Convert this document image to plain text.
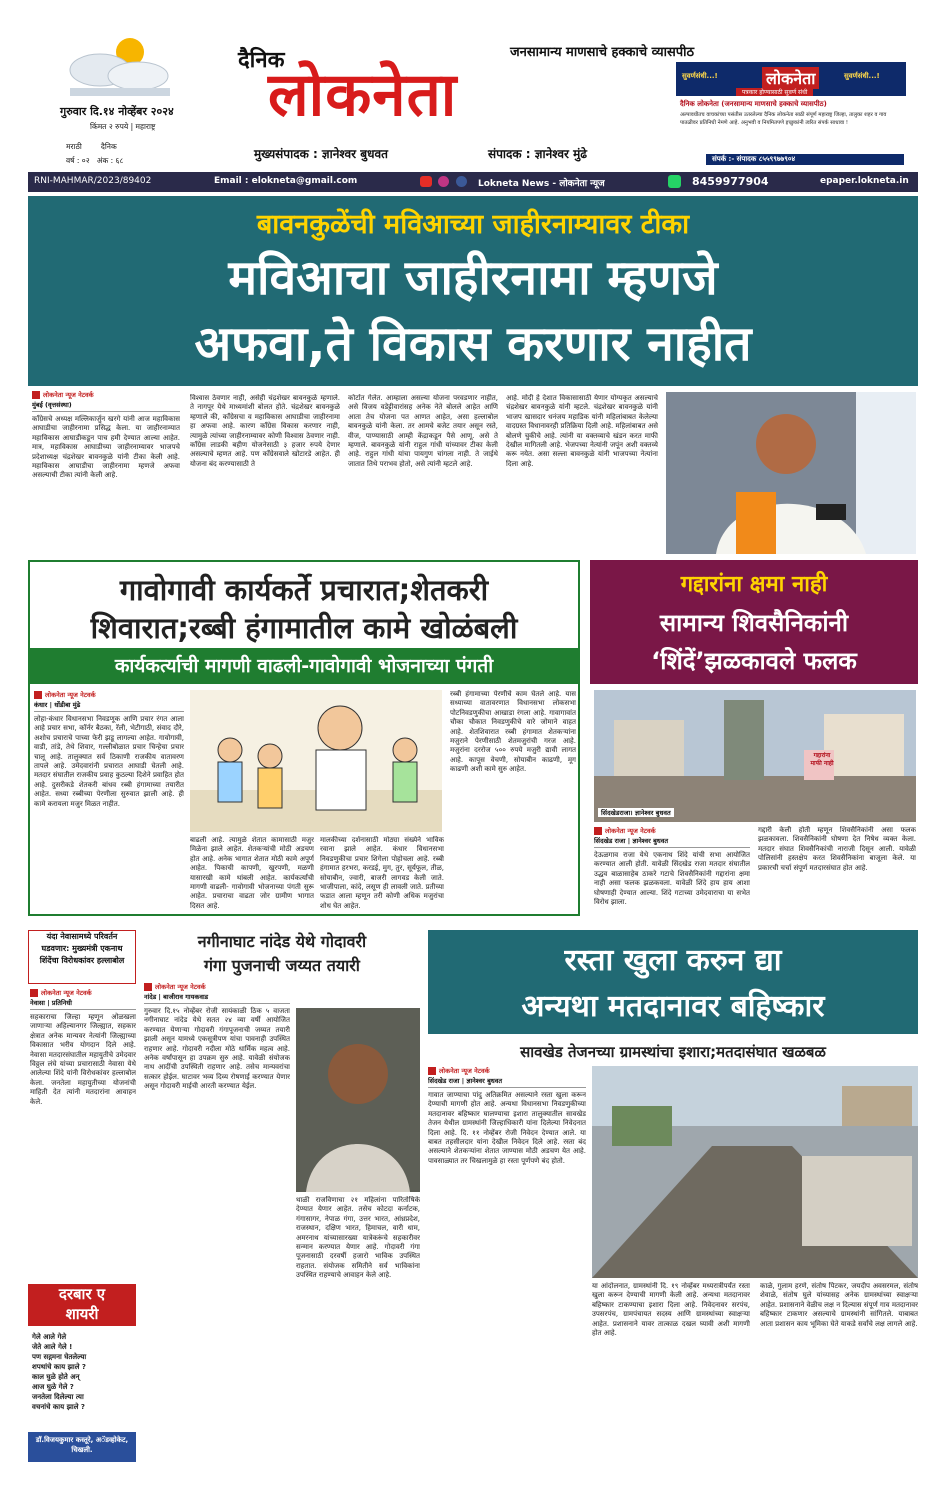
गुरुवार दि.१४ नोव्हेंबर २०२४
किंमत २ रुपये | महाराष्ट्र
मराठी	दैनिक
वर्ष : ०२ अंक : ६८
दैनिक
लोकनेता
जनसामान्य माणसाचे हक्काचे व्यासपीठ
मुख्यसंपादक : ज्ञानेश्वर बुधवत	संपादक : ज्ञानेश्वर मुंढे
सुवर्णसंधी...!	लोकनेता	सुवर्णसंधी...!
पत्रकार होण्यासाठी सुवर्ण संधी
दैनिक लोकनेता (जनसामान्य माणसाचे हक्काचे व्यासपीठ)
अल्पावधीतच वाचकांच्या पसंतीस उतरलेल्या दैनिक लोकनेता साठी संपूर्ण महाराष्ट्र जिल्हा, तालुका शहर व गाव पातळीवर प्रतिनिधी नेमणे आहे. अनुभवी व नियमितपणे इच्छुकांनी त्वरित संपर्क साधावा !
संपर्क :- संपादक ८५५९९७७९०४
RNI-MAHMAR/2023/89402	Email : elokneta@gmail.com	Lokneta News - लोकनेता न्यूज	8459977904	epaper.lokneta.in
बावनकुळेंची मविआच्या जाहीरनाम्यावर टीका
मविआचा जाहीरनामा म्हणजे
अफवा,ते विकास करणार नाहीत
लोकनेता न्यूज नेटवर्क
मुंबई (वृत्तसंस्था)
काँग्रेसचे अध्यक्ष मल्लिकार्जुन खरगे यांनी आज महाविकास आघाडीचा जाहीरनामा प्रसिद्ध केला. या जाहीरनाम्यात महाविकास आघाडीकडून पाच हमी देण्यात आल्या आहेत. मात्र, महाविकास आघाडीच्या जाहीरनाम्यावर भाजपचे प्रदेशाध्यक्ष चंद्रशेखर बावनकुळे यांनी टीका केली आहे. महाविकास आघाडीचा जाहीरनामा म्हणजे अफवा असल्याची टीका त्यांनी केली आहे.
विश्वास ठेवणार नाही, असेही चंद्रशेखर बावनकुळे म्हणाले. ते नागपूर येथे माध्यमांशी बोलत होते. चंद्रशेखर बावनकुळे म्हणाले की, काँग्रेसचा व महाविकास आघाडीचा जाहीरनामा हा अफवा आहे. कारण काँग्रेस विकास करणार नाही, त्यामुळे त्यांच्या जाहीरनाम्यावर कोणी विश्वास ठेवणार नाही. कॉंग्रेस लाडकी बहीण योजनेसाठी ३ हजार रुपये देणार असल्याचे म्हणत आहे. पण काँग्रेसवाले खोटारडे आहेत. ही योजना बंद करण्यासाठी ते
कोर्टात गेलेत. आम्हाला असल्या योजना परवडणार नाहीत, असे विजय वडेट्टीवारांसह अनेक नेते बोलले आहेत आणि आता तेच योजना पत आणत आहेत, असा हल्लाबोल बावनकुळे यांनी केला. तर आमचे बजेट तयार असून रस्ते, वीज, पाण्यासाठी आम्ही केंद्राकडून पैसे आणू. असे ते म्हणाले. बावनकुळे यांनी राहुल गांधी यांच्यावर टीका केली आहे. राहुल गांधी यांचा पायगुण चांगला नाही. ते जाईथे जातात तिथे पराभव होतो, असे त्यांनी म्हटले आहे.
आहे. मोदी हे देशात विकासासाठी येणार योग्यकृत असल्याचे चंद्रशेखर बावनकुळे यांनी म्हटले. चंद्रशेखर बावनकुळे यांनी भाजप खासदार धनंजय महाडिक यांनी महिलांबाबत केलेल्या वादग्रस्त विधानावरही प्रतिक्रिया दिली आहे. महिलांबाबत असे बोलणे चुकीचे आहे. त्यांनी या वक्तव्याचे खंडन करत माफी देखील मागितली आहे. भेजपच्या नेत्यांनी जपूंन अशी वक्तव्ये करू नयेत. असा सल्ला बावनकुळे यांनी भाजपच्या नेत्यांना दिला आहे.
गावोगावी कार्यकर्ते प्रचारात;शेतकरी
शिवारात;रब्बी हंगामातील कामे खोळंबली
कार्यकर्त्याची मागणी वाढली-गावोगावी भोजनाच्या पंगती
लोकनेता न्यूज नेटवर्क
कंधार | धोंडीबा मुंढे
लोहा-कंधार विधानसभा निवडणूक आणि प्रचार रंगत आला आहे प्रचार सभा, कॉर्नर बैठका, रॅली, भेटीगाठी, संवाद दौरे, अशोच प्रचाराचे पाच्या फेरी झडू लागल्या आहेत. गावोगावी, वाडी, तांडे, तेथे शिवार, गल्लीबोळात प्रचार चिन्हेचा प्रचार चालू आहे. तालुक्यात सर्व ठिकाणी राजकीय वातावरण तापले आहे. उमेदवारांनी प्रचारात आघाडी घेतली आहे. मतदार संघातील राजकीय प्रवाह कुठल्या दिशेने प्रवाहित होत आहे. दुसरीकडे शेतकरी बांधव रब्बी हंगामाच्या तयारीत आहेत. सध्या रब्बीच्या पेरणीला सुरुवात झाली आहे. ही कामे करायला मजुर मिळत नाहीत.
बाढली आहे. त्यामुळे शेतात कामासाठी मजुर मिळेना झाले आहेत. शेतकऱ्यांची मोठी अडचण होत आहे. अनेक भागात शेतात मोठी कामे अपूर्ण आहेत. पिकाची कापणी, खुरपणी, मळणी यासारखी कामे थांबली आहेत. कार्यकर्त्यांची मागणी वाढली- गावोगावी भोजनाच्या पंगती सुरू आहेत. प्रचाराचा वाढता जोर ग्रामीण भागात दिसत आहे.
मालकीच्या दर्शनासाठी मोठ्या संख्येने भाविक रवाना झाले आहेत. कंधार विधानसभा निवडणुकीचा प्रचार शिगेला पोहोचला आहे. रब्बी हंगामात हरभरा, करडई, मुग, तुर, सूर्यफूल, तीळ, सोयाबीन, ज्वारी, बाजरी लागवड केली जाते. भाजीपाला, कांदे, लसूण ही लावली जाते. प्रतीच्या फडात आला म्हणून तरी कोणी अधिक मजुरांचा शोध घेत आहेत.
रब्बी हंगामाच्या पेरणीचे काम घेतले आहे. यास सध्याच्या वातावरणात विधानसभा लोकसभा पोटनिवडणुकीचा आखाडा रंगला आहे. गावागावांत चौका चौकात निवडणुकीचे वारे जोमाने वाहत आहे. शेतशिवारात रब्बी हंगामात शेतकऱ्यांना मजुराने पेरणीसाठी शेतमजुरांची गरज आहे. मजुरांना दररोज ५०० रुपये मजुरी द्यावी लागत आहे. कापूस वेचणी, सोयाबीन काढणी, मूग काढणी अशी कामे सुरु आहेत.
गद्दारांना क्षमा नाही
सामान्य शिवसैनिकांनी
‘शिंदें’झळकावले फलक
गद्दारांना
माफी नाही
सिंदखेडराजा। ज्ञानेश्वर बुधवत
लोकनेता न्यूज नेटवर्क
सिंदखेड राजा | ज्ञानेश्वर बुधवत
देऊळगाव राजा येथे एकनाथ शिंदे यांची सभा आयोजित करण्यात आली होती. यावेळी सिंदखेड राजा मतदार संघातील उद्धव बाळासाहेब ठाकरे गटाचे शिवसैनिकांनी गद्दारांना क्षमा नाही असा फलक झळकवला. यावेळी शिंदे हाय हाय आशा घोषणाही देण्यात आल्या. शिंदे गटाच्या उमेदवाराचा या सभेत विरोध झाला.
गद्दारी केली होती म्हणून शिवसैनिकांनी असा फलक झळकावला. शिवसैनिकांनी घोषणा देत निषेध व्यक्त केला. मतदार संघात शिवसैनिकांची नाराजी दिसून आली. यावेळी पोलिसांनी हस्तक्षेप करत शिवसैनिकांना बाजूला केले. या प्रकारची चर्चा संपूर्ण मतदारसंघात होत आहे.
यंदा नेवासामध्ये परिवर्तन
घडवणार: मुख्यमंत्री एकनाथ
शिंदेंचा विरोधकांवर हल्लाबोल
लोकनेता न्यूज नेटवर्क
नेवासा | प्रतिनिधी
सहकाराचा जिल्हा म्हणून ओळखला जाणाऱ्या अहिल्यानगर जिल्ह्यात, सहकार क्षेत्रात अनेक मान्यवर नेत्यांनी जिल्ह्याच्या विकासात भरीव योगदान दिले आहे. नेवासा मतदारसंघातील महायुतीचे उमेदवार विठ्ठल लंघे यांच्या प्रचारासाठी नेवासा येथे आलेल्या शिंदे यांनी विरोधकांवर हल्लाबोल केला. जनतेला महायुतीच्या योजनांची माहिती देत त्यांनी मतदारांना आवाहन केले.
दरबार ए
शायरी
गेले आले गेले
जेते आले गेले !
पण सद्गमना घेतलेल्या
शपथांचे काय झाले ?
काल घुळे होते अन्
आज घुळे गेले ?
जनतेला दिलेल्या त्या
वचनांचे काय झाले ?
डॉ.विजयकुमार कस्तूरे, अॅडव्होकेट, चिखली.
नगीनाघाट नांदेड येथे गोदावरी
गंगा पुजनाची जय्यत तयारी
लोकनेता न्यूज नेटवर्क
नांदेड | बाजीराव गायकवाड
गुरुवार दि.१५ नोव्हेंबर रोजी सायंकाळी ठिक ५ वाजता नगीनाघाट नांदेड येथे सतत २४ व्या वर्षी आयोजित करण्यात येणाऱ्या गोदावरी गंगापूजनाची जय्यत तयारी झाली असून यामध्ये एकसूत्रीपण यांचा पावनाही उपस्थित राहणार आहे. गोदावरी नदीला मोठे धार्मिक महत्व आहे. अनेक वर्षांपासून हा उपक्रम सुरु आहे. यावेळी संयोजक नाथ आदींची उपस्थिती राहणार आहे. तसेच मान्यवरांचा सत्कार होईल. घाटावर भव्य दिव्य रोषणाई करण्यात येणार असून गोदावरी माईची आरती करण्यात येईल.
थाळी राजविणाचा २१ महिलांना पारितोषिके देण्यात येणार आहेत. तसेच कोटदा कर्नाटक, गंगासागर, नेपाळ गंगा, उत्तर भारत, आंध्रप्रदेश, राजस्थान, दक्षिण भारत, हिमाचल, वारी धाम, अमरनाथ यांच्यासारख्या यात्रेकरूंचे सहकारीवर सन्मान करण्यात येणार आहे. गोदावरी गंगा पूजनासाठी दरवर्षी हजारो भाविक उपस्थित राहतात. संयोजक समितीने सर्व भाविकांना उपस्थित राहण्याचे आवाहन केले आहे.
रस्ता खुला करुन द्या
अन्यथा मतदानावर बहिष्कार
सावखेड तेजनच्या ग्रामस्थांचा इशारा;मतदासंघात खळबळ
लोकनेता न्यूज नेटवर्क
सिंदखेड राजा | ज्ञानेश्वर बुधवत
गावात जाण्याचा पांदु अतिक्रमित असल्याने रस्ता खुला करून देण्याची मागणी होत आहे. अन्यथा विधानसभा निवडणुकीच्या मतदानावर बहिष्कार घालण्याचा इशारा तालुक्यातील सावखेड तेजन येथील ग्रामस्थांनी जिल्हाधिकारी यांना दिलेल्या निवेदनात दिला आहे. दि. ११ नोव्हेंबर रोजी निवेदन देण्यात आले. या बाबत तहसीलदार यांना देखील निवेदन दिले आहे. रस्ता बंद असल्याने शेतकऱ्यांना शेतात जाण्यास मोठी अडचण येत आहे. पावसाळ्यात तर चिखलामुळे हा रस्ता पूर्णपणे बंद होतो.
या आंदोलनात, ग्रामस्थांनी दि. १९ नोव्हेंबर मध्यरात्रीपर्यंत रस्ता खुला करून देण्याची मागणी केली आहे. अन्यथा मतदानावर बहिष्कार टाकण्याचा इशारा दिला आहे. निवेदनावर सरपंच, उपसरपंच, ग्रामपंचायत सदस्य आणि ग्रामस्थांच्या स्वाक्षऱ्या आहेत. प्रशासनाने यावर तात्काळ दखल घ्यावी अशी मागणी होत आहे.
काळे, गुलाम हरणे, संतोष पिटकर, जयदीप अवसरमल, संतोष शेवाळे, संतोष घुले यांच्यासह अनेक ग्रामस्थांच्या स्वाक्षऱ्या आहेत. प्रशासनाने वेळीच लक्ष न दिल्यास संपूर्ण गाव मतदानावर बहिष्कार टाकणार असल्याचे ग्रामस्थांनी सांगितले. याबाबत आता प्रशासन काय भूमिका घेते याकडे सर्वांचे लक्ष लागले आहे.
